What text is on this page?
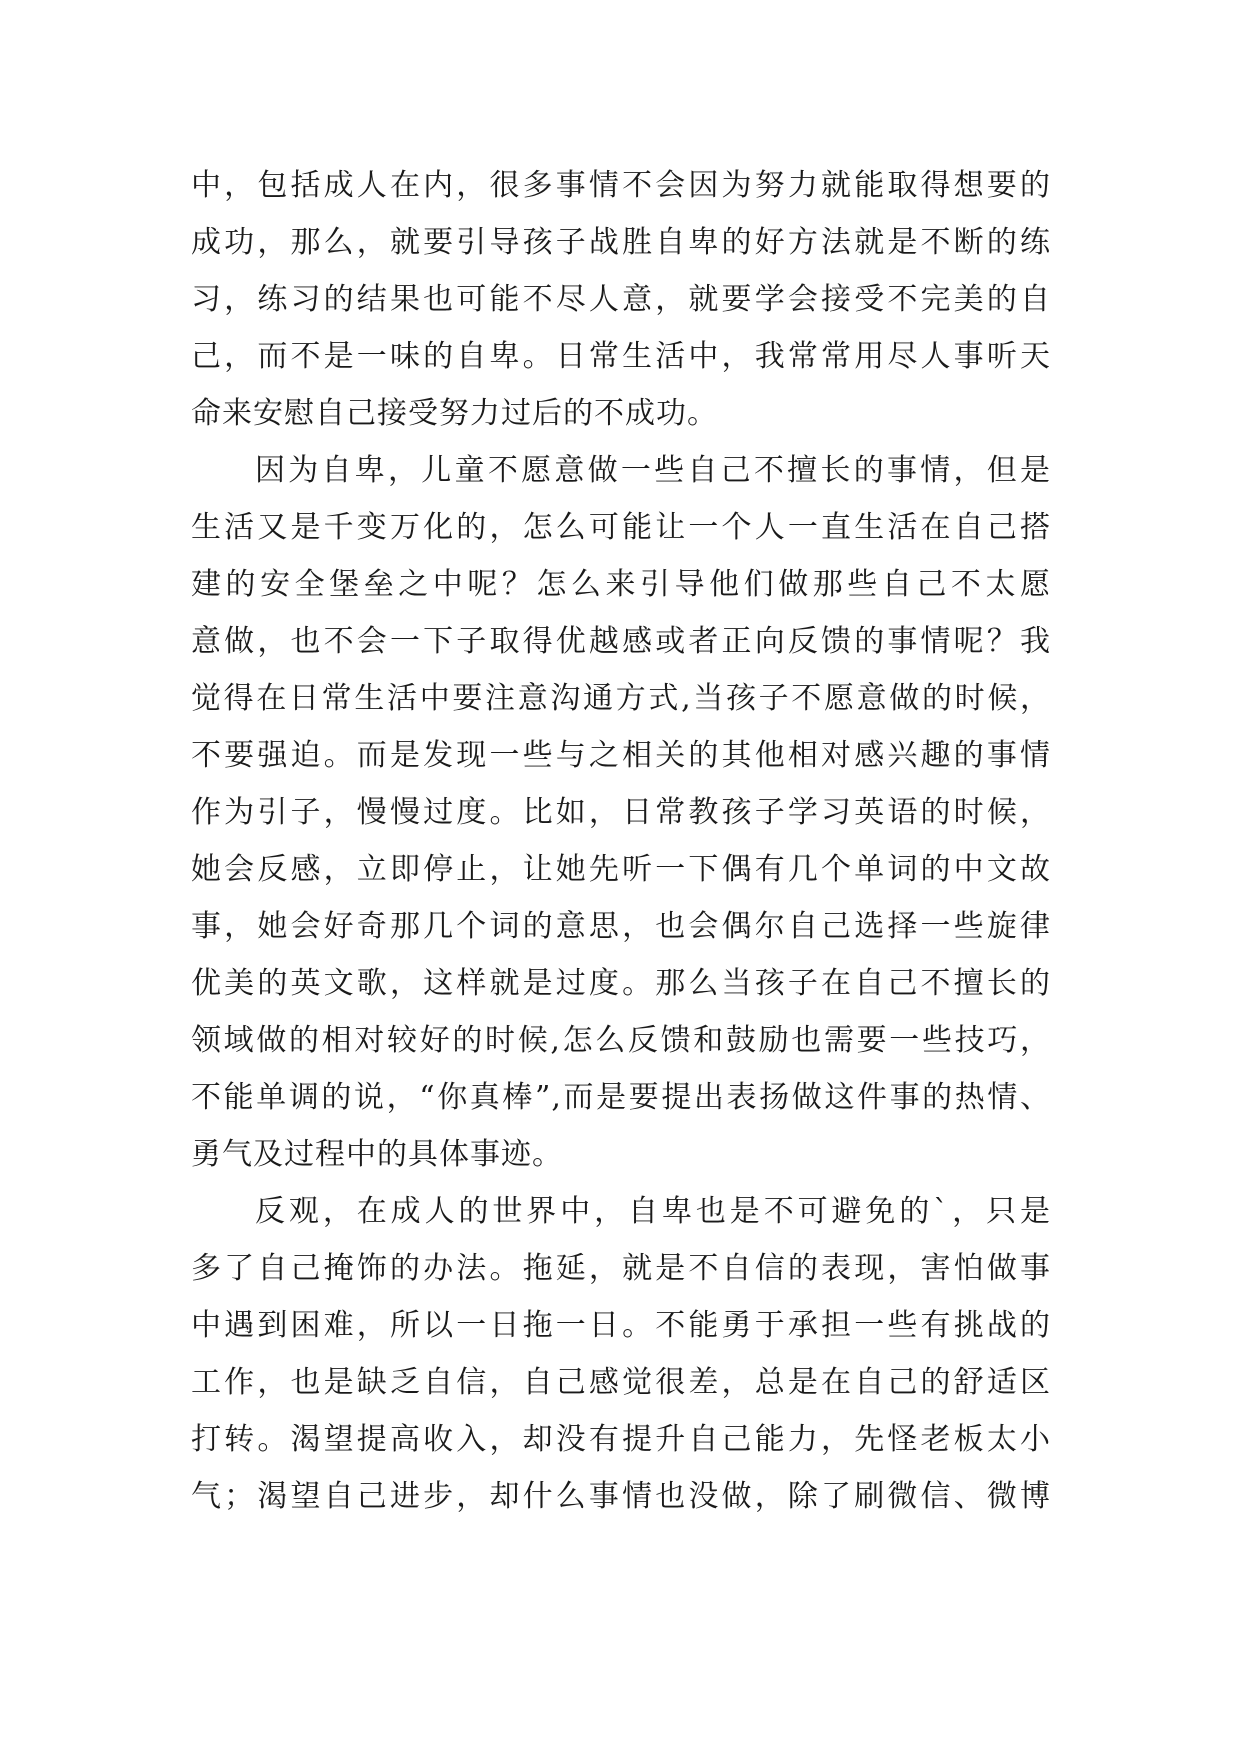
中，包括成人在内，很多事情不会因为努力就能取得想要的
成功，那么，就要引导孩子战胜自卑的好方法就是不断的练
习，练习的结果也可能不尽人意，就要学会接受不完美的自
己，而不是一味的自卑。日常生活中，我常常用尽人事听天
命来安慰自己接受努力过后的不成功。
因为自卑，儿童不愿意做一些自己不擅长的事情，但是
生活又是千变万化的，怎么可能让一个人一直生活在自己搭
建的安全堡垒之中呢？怎么来引导他们做那些自己不太愿
意做，也不会一下子取得优越感或者正向反馈的事情呢？我
觉得在日常生活中要注意沟通方式,当孩子不愿意做的时候，
不要强迫。而是发现一些与之相关的其他相对感兴趣的事情
作为引子，慢慢过度。比如，日常教孩子学习英语的时候，
她会反感，立即停止，让她先听一下偶有几个单词的中文故
事，她会好奇那几个词的意思，也会偶尔自己选择一些旋律
优美的英文歌，这样就是过度。那么当孩子在自己不擅长的
领域做的相对较好的时候,怎么反馈和鼓励也需要一些技巧，
不能单调的说，“你真棒”,而是要提出表扬做这件事的热情、
勇气及过程中的具体事迹。
反观，在成人的世界中，自卑也是不可避免的`，只是
多了自己掩饰的办法。拖延，就是不自信的表现，害怕做事
中遇到困难，所以一日拖一日。不能勇于承担一些有挑战的
工作，也是缺乏自信，自己感觉很差，总是在自己的舒适区
打转。渴望提高收入，却没有提升自己能力，先怪老板太小
气；渴望自己进步，却什么事情也没做，除了刷微信、微博
